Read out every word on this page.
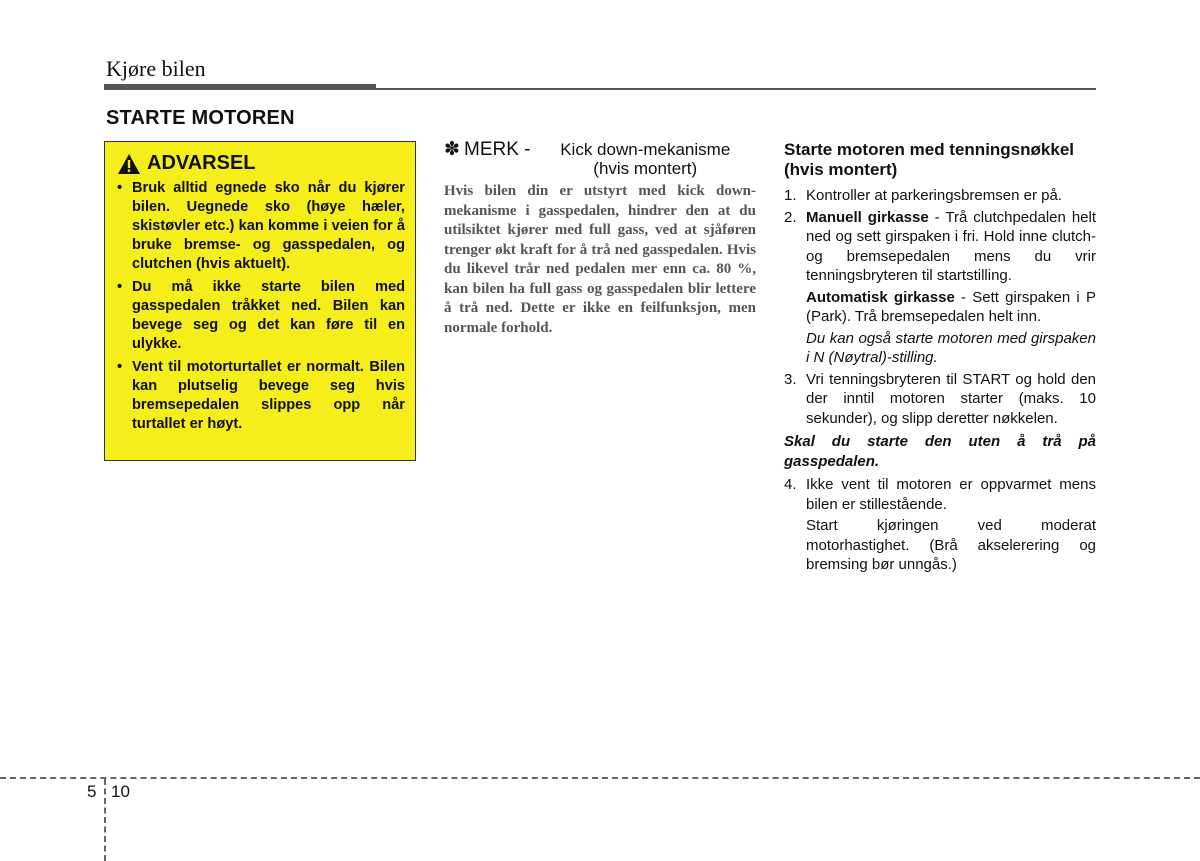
Kjøre bilen
STARTE MOTOREN
ADVARSEL
• Bruk alltid egnede sko når du kjører bilen. Uegnede sko (høye hæler, skistøvler etc.) kan komme i veien for å bruke bremse- og gasspedalen, og clutchen (hvis aktuelt).
• Du må ikke starte bilen med gasspedalen tråkket ned. Bilen kan bevege seg og det kan føre til en ulykke.
• Vent til motorturtallet er normalt. Bilen kan plutselig bevege seg hvis bremsepedalen slippes opp når turtallet er høyt.
✽ MERK -	Kick down-mekanisme
(hvis montert)
Hvis bilen din er utstyrt med kick down-mekanisme i gasspedalen, hindrer den at du utilsiktet kjører med full gass, ved at sjåføren trenger økt kraft for å trå ned gasspedalen. Hvis du likevel trår ned pedalen mer enn ca. 80 %, kan bilen ha full gass og gasspedalen blir lettere å trå ned. Dette er ikke en feilfunksjon, men normale forhold.
Starte motoren med tenningsnøkkel (hvis montert)
1. Kontroller at parkeringsbremsen er på.

2. Manuell girkasse - Trå clutchpedalen helt ned og sett girspaken i fri. Hold inne clutch- og bremsepedalen mens du vrir tenningsbryteren til startstilling.

Automatisk girkasse - Sett girspaken i P (Park). Trå bremsepedalen helt inn.

Du kan også starte motoren med girspaken i N (Nøytral)-stilling.

3. Vri tenningsbryteren til START og hold den der inntil motoren starter (maks. 10 sekunder), og slipp deretter nøkkelen.

Skal du starte den uten å trå på gasspedalen.
4. Ikke vent til motoren er oppvarmet mens bilen er stillestående.

Start kjøringen ved moderat motorhastighet. (Brå akselerering og bremsing bør unngås.)

5 10
